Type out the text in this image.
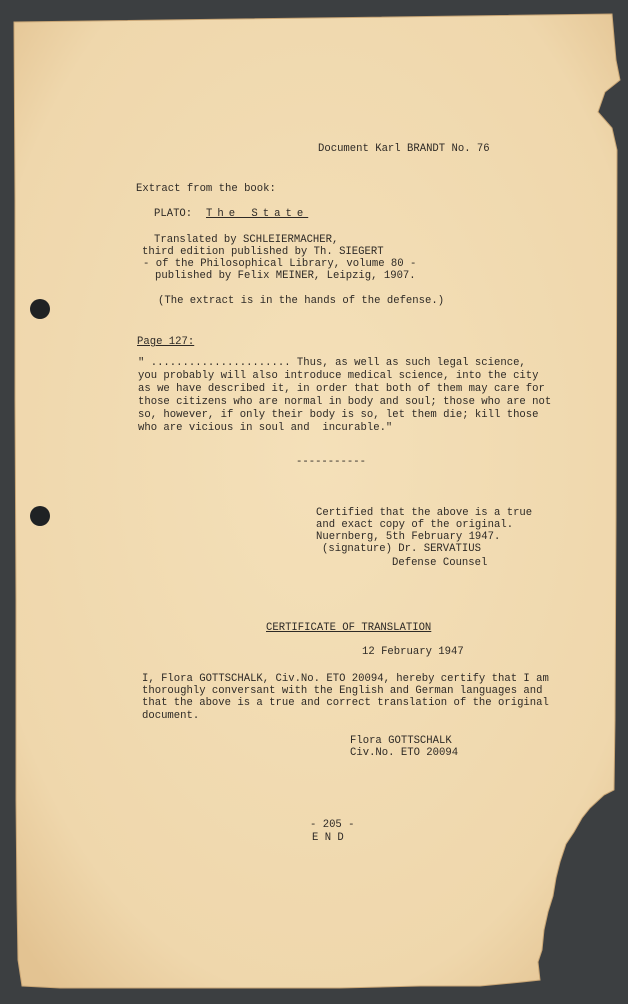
Document Karl BRANDT No. 76
Extract from the book:
PLATO: The State
Translated by SCHLEIERMACHER,
third edition published by Th. SIEGERT
- of the Philosophical Library, volume 80 -
published by Felix MEINER, Leipzig, 1907.
(The extract is in the hands of the defense.)
Page 127:
" ...................... Thus, as well as such legal science,
you probably will also introduce medical science, into the city
as we have described it, in order that both of them may care for
those citizens who are normal in body and soul; those who are not
so, however, if only their body is so, let them die; kill those
who are vicious in soul and  incurable."
-----------
Certified that the above is a true
and exact copy of the original.
Nuernberg, 5th February 1947.
(signature) Dr. SERVATIUS
Defense Counsel
CERTIFICATE OF TRANSLATION
12 February 1947
I, Flora GOTTSCHALK, Civ.No. ETO 20094, hereby certify that I am
thoroughly conversant with the English and German languages and
that the above is a true and correct translation of the original
document.
Flora GOTTSCHALK
Civ.No. ETO 20094
- 205 -
E N D
